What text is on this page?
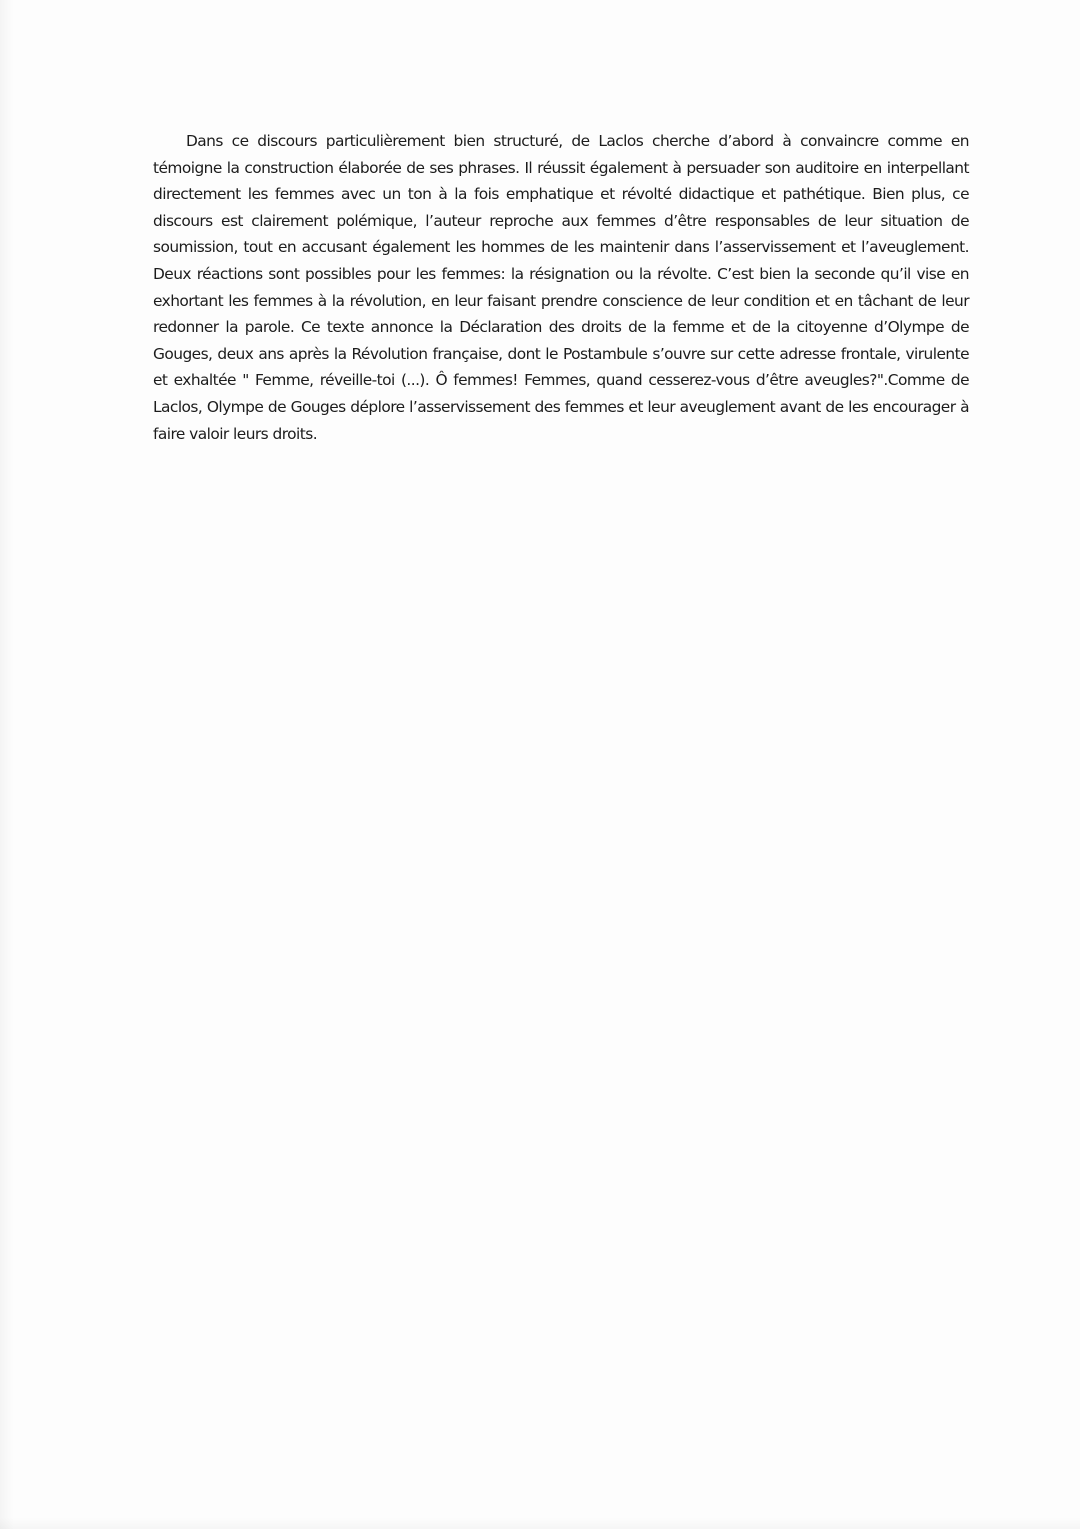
Dans ce discours particulièrement bien structuré, de Laclos cherche d’abord à convaincre comme en témoigne la construction élaborée de ses phrases. Il réussit également à persuader son auditoire en interpellant directement les femmes avec un ton à la fois emphatique et révolté didactique et pathétique. Bien plus, ce discours est clairement polémique, l’auteur reproche aux femmes d’être responsables de leur situation de soumission, tout en accusant également les hommes de les maintenir dans l’asservissement et l’aveuglement. Deux réactions sont possibles pour les femmes: la résignation ou la révolte. C’est bien la seconde qu’il vise en exhortant les femmes à la révolution, en leur faisant prendre conscience de leur condition et en tâchant de leur redonner la parole. Ce texte annonce la Déclaration des droits de la femme et de la citoyenne d’Olympe de Gouges, deux ans après la Révolution française, dont le Postambule s’ouvre sur cette adresse frontale, virulente et exhaltée " Femme, réveille-toi (...). Ô femmes! Femmes, quand cesserez-vous d’être aveugles?".Comme de Laclos, Olympe de Gouges déplore l’asservissement des femmes et leur aveuglement avant de les encourager à faire valoir leurs droits.
